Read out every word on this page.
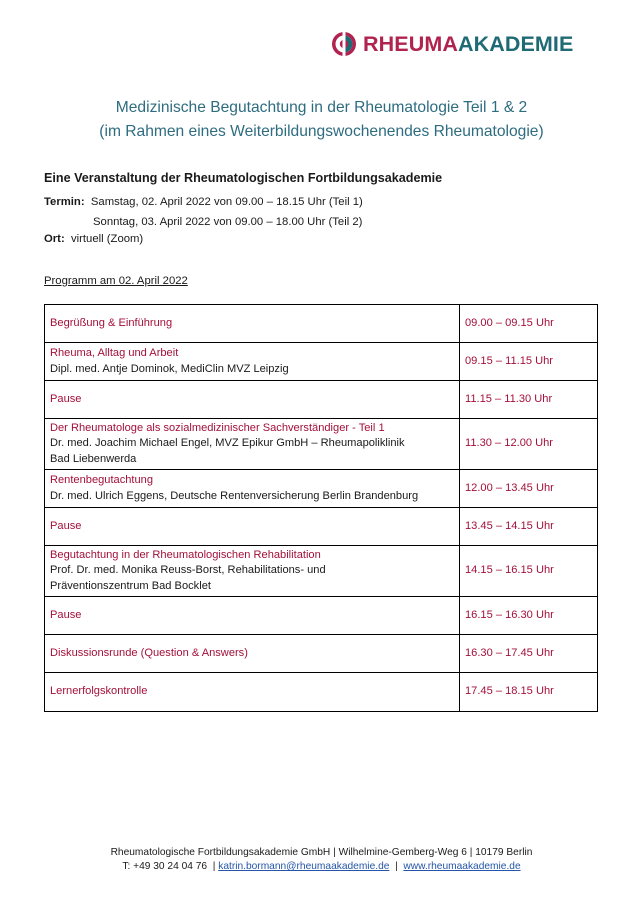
RHEUMAAKADEMIE
Medizinische Begutachtung in der Rheumatologie Teil 1 & 2
(im Rahmen eines Weiterbildungswochenendes Rheumatologie)
Eine Veranstaltung der Rheumatologischen Fortbildungsakademie
Termin: Samstag, 02. April 2022 von 09.00 – 18.15 Uhr (Teil 1)
Sonntag, 03. April 2022 von 09.00 – 18.00 Uhr (Teil 2)
Ort: virtuell (Zoom)
Programm am 02. April 2022
Begrüßung & Einführung	09.00 – 09.15 Uhr

Rheuma, Alltag und Arbeit
Dipl. med. Antje Dominok, MediClin MVZ Leipzig	09.15 – 11.15 Uhr

Pause	11.15 – 11.30 Uhr

Der Rheumatologe als sozialmedizinischer Sachverständiger - Teil 1
Dr. med. Joachim Michael Engel, MVZ Epikur GmbH – Rheumapoliklinik
Bad Liebenwerda	11.30 – 12.00 Uhr

Rentenbegutachtung
Dr. med. Ulrich Eggens, Deutsche Rentenversicherung Berlin Brandenburg	12.00 – 13.45 Uhr

Pause	13.45 – 14.15 Uhr

Begutachtung in der Rheumatologischen Rehabilitation
Prof. Dr. med. Monika Reuss-Borst, Rehabilitations- und
Präventionszentrum Bad Bocklet	14.15 – 16.15 Uhr

Pause	16.15 – 16.30 Uhr

Diskussionsrunde (Question & Answers)	16.30 – 17.45 Uhr

Lernerfolgskontrolle	17.45 – 18.15 Uhr
Rheumatologische Fortbildungsakademie GmbH | Wilhelmine-Gemberg-Weg 6 | 10179 Berlin
T: +49 30 24 04 76 | katrin.bormann@rheumaakademie.de | www.rheumaakademie.de
